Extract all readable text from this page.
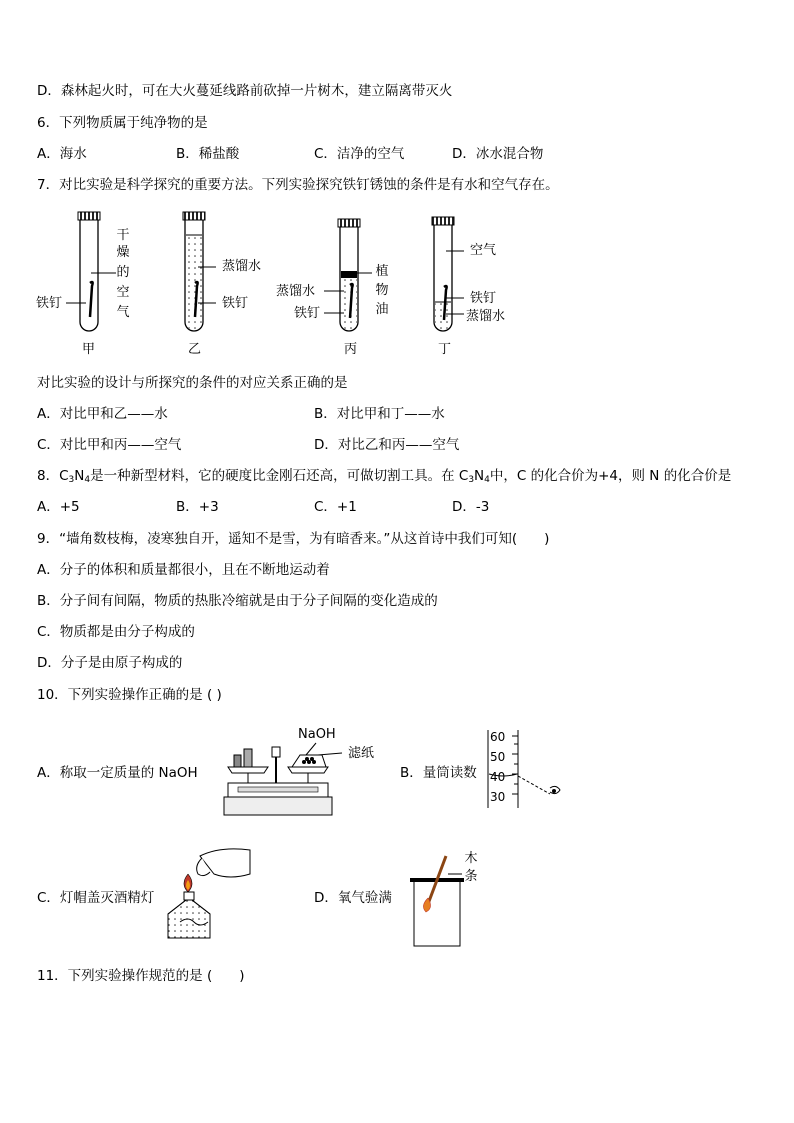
D．森林起火时，可在大火蔓延线路前砍掉一片树木，建立隔离带灭火
6．下列物质属于纯净物的是
A．海水	B．稀盐酸	C．洁净的空气	D．冰水混合物
7．对比实验是科学探究的重要方法。下列实验探究铁钉锈蚀的条件是有水和空气存在。
干
燥
的
空
气
铁钉
蒸馏水
铁钉
植
物
油
蒸馏水
铁钉
空气
铁钉
蒸馏水
甲	乙	丙	丁
对比实验的设计与所探究的条件的对应关系正确的是
A．对比甲和乙——水	B．对比甲和丁——水
C．对比甲和丙——空气	D．对比乙和丙——空气
8．$C_3N_4$是一种新型材料，它的硬度比金刚石还高，可做切割工具。在 $C_3N_4$中，C 的化合价为+4，则 N 的化合价是
A．+5	B．+3	C．+1	D．-3
9．“墙角数枝梅，凌寒独自开，遥知不是雪，为有暗香来。”从这首诗中我们可知(　　)
A．分子的体积和质量都很小，且在不断地运动着
B．分子间有间隔，物质的热胀冷缩就是由于分子间隔的变化造成的
C．物质都是由分子构成的
D．分子是由原子构成的
10．下列实验操作正确的是 ( )
A．称取一定质量的 NaOH
NaOH
滤纸
B．量筒读数
60
50
40
30
C．灯帽盖灭酒精灯	D．氧气验满
木
条
11．下列实验操作规范的是 (　　)
